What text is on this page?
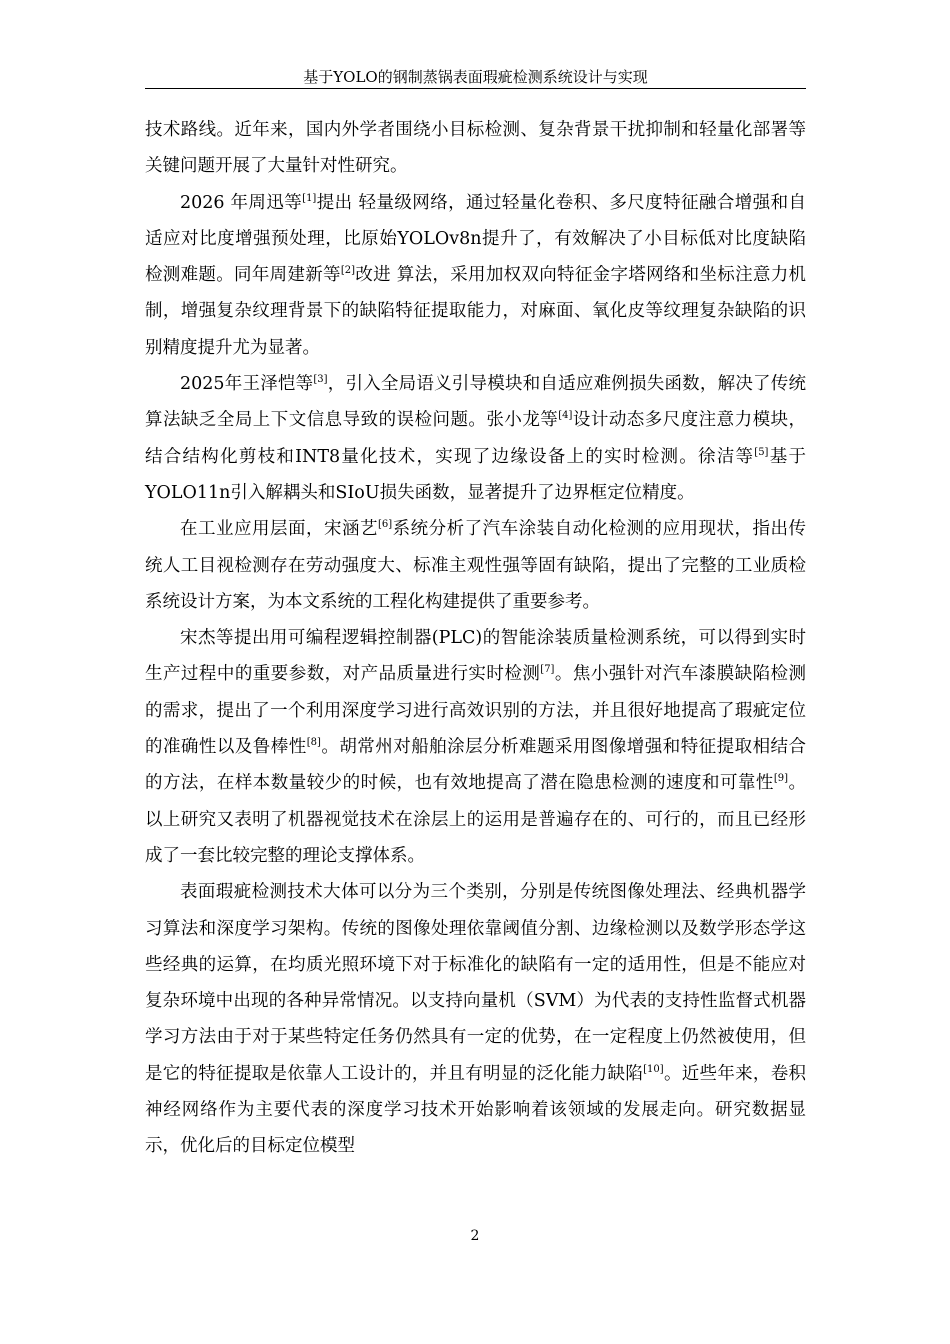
基于YOLO的钢制蒸锅表面瑕疵检测系统设计与实现

技术路线。近年来，国内外学者围绕小目标检测、复杂背景干扰抑制和轻量化部署等关键问题开展了大量针对性研究。

2026 年周迅等[1]提出 轻量级网络，通过轻量化卷积、多尺度特征融合增强和自适应对比度增强预处理，比原始YOLOv8n提升了，有效解决了小目标低对比度缺陷检测难题。同年周建新等[2]改进 算法，采用加权双向特征金字塔网络和坐标注意力机制，增强复杂纹理背景下的缺陷特征提取能力，对麻面、氧化皮等纹理复杂缺陷的识别精度提升尤为显著。

2025年王泽恺等[3]，引入全局语义引导模块和自适应难例损失函数，解决了传统算法缺乏全局上下文信息导致的误检问题。张小龙等[4]设计动态多尺度注意力模块，结合结构化剪枝和INT8量化技术，实现了边缘设备上的实时检测。徐洁等[5]基于YOLO11n引入解耦头和SIoU损失函数，显著提升了边界框定位精度。

在工业应用层面，宋涵艺[6]系统分析了汽车涂装自动化检测的应用现状，指出传统人工目视检测存在劳动强度大、标准主观性强等固有缺陷，提出了完整的工业质检系统设计方案，为本文系统的工程化构建提供了重要参考。

宋杰等提出用可编程逻辑控制器(PLC)的智能涂装质量检测系统，可以得到实时生产过程中的重要参数，对产品质量进行实时检测[7]。焦小强针对汽车漆膜缺陷检测的需求，提出了一个利用深度学习进行高效识别的方法，并且很好地提高了瑕疵定位的准确性以及鲁棒性[8]。胡常州对船舶涂层分析难题采用图像增强和特征提取相结合的方法，在样本数量较少的时候，也有效地提高了潜在隐患检测的速度和可靠性[9]。以上研究又表明了机器视觉技术在涂层上的运用是普遍存在的、可行的，而且已经形成了一套比较完整的理论支撑体系。

表面瑕疵检测技术大体可以分为三个类别，分别是传统图像处理法、经典机器学习算法和深度学习架构。传统的图像处理依靠阈值分割、边缘检测以及数学形态学这些经典的运算，在均质光照环境下对于标准化的缺陷有一定的适用性，但是不能应对复杂环境中出现的各种异常情况。以支持向量机（SVM）为代表的支持性监督式机器学习方法由于对于某些特定任务仍然具有一定的优势，在一定程度上仍然被使用，但是它的特征提取是依靠人工设计的，并且有明显的泛化能力缺陷[10]。近些年来，卷积神经网络作为主要代表的深度学习技术开始影响着该领域的发展走向。研究数据显示，优化后的目标定位模型

2
